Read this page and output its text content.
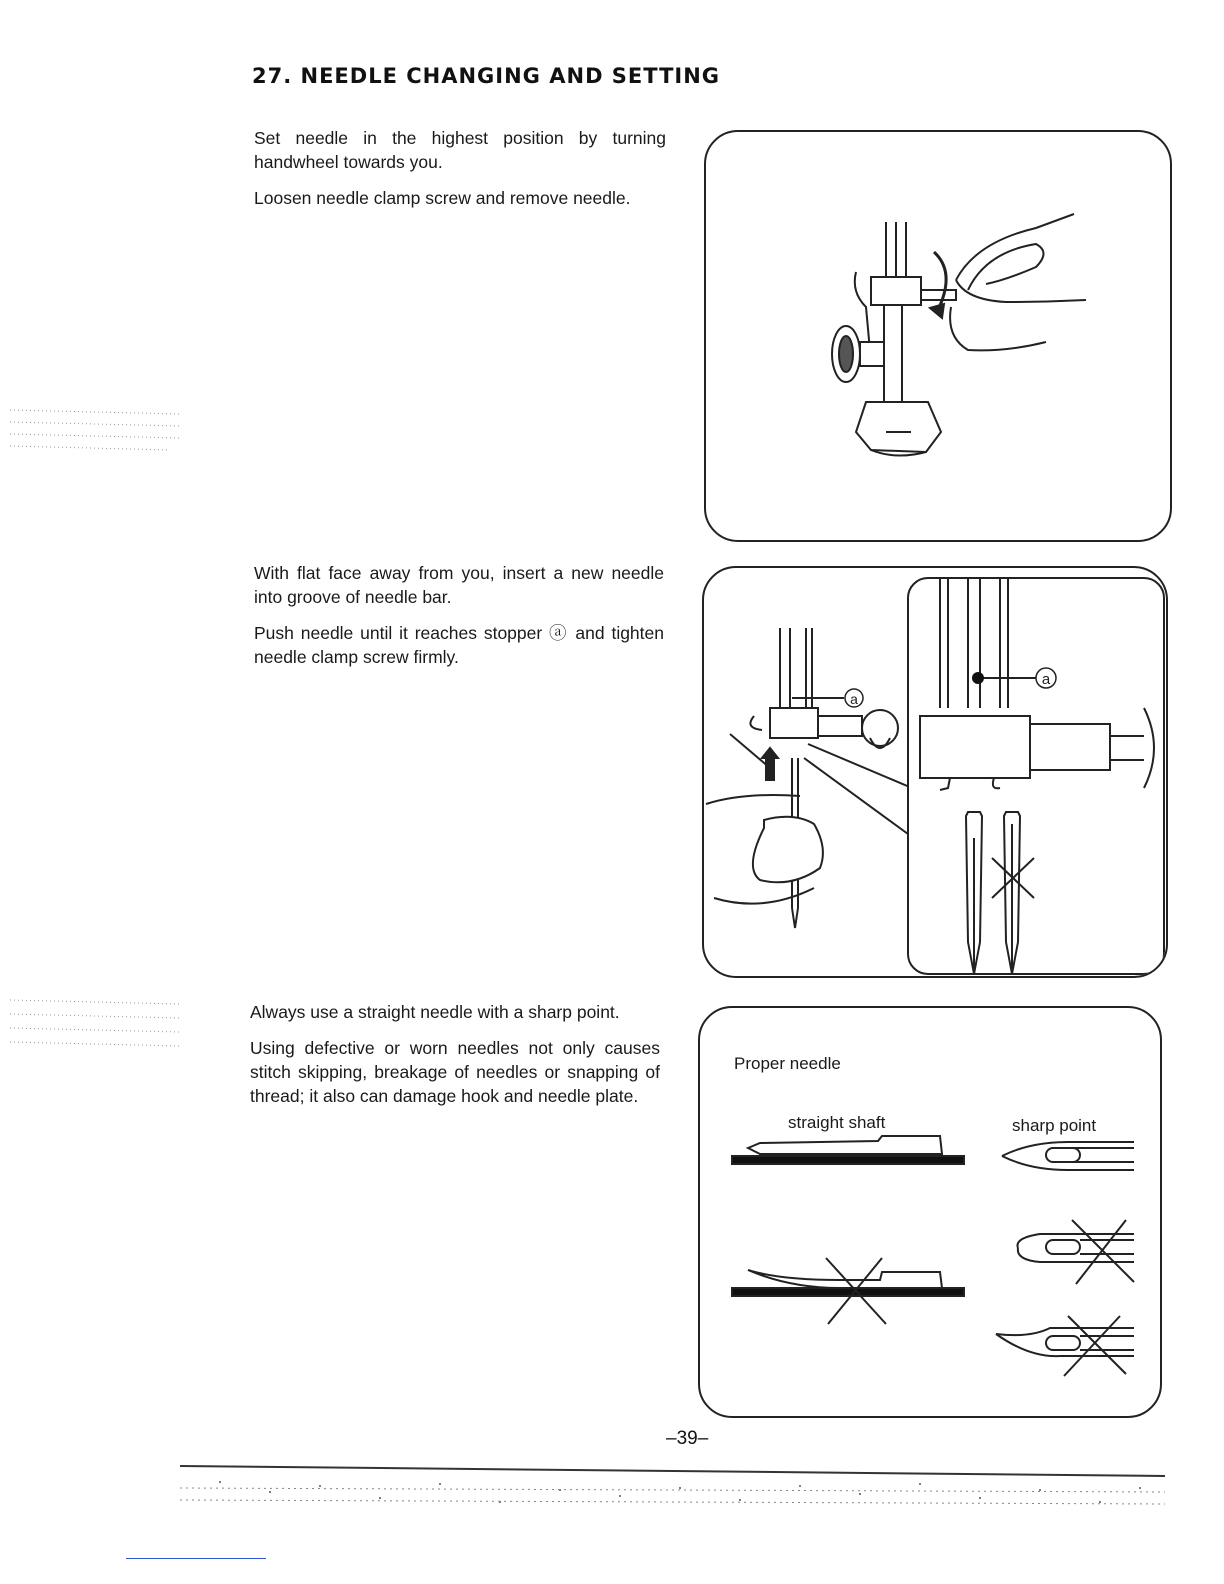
27. NEEDLE CHANGING AND SETTING

Set needle in the highest position by turning handwheel towards you.

Loosen needle clamp screw and remove needle.

With flat face away from you, insert a new needle into groove of needle bar.

Push needle until it reaches stopper ⓐ and tighten needle clamp screw firmly.

Always use a straight needle with a sharp point.

Using defective or worn needles not only causes stitch skipping, breakage of needles or snapping of thread; it also can damage hook and needle plate.

a
a
Proper needle
straight shaft	sharp point
–39–
